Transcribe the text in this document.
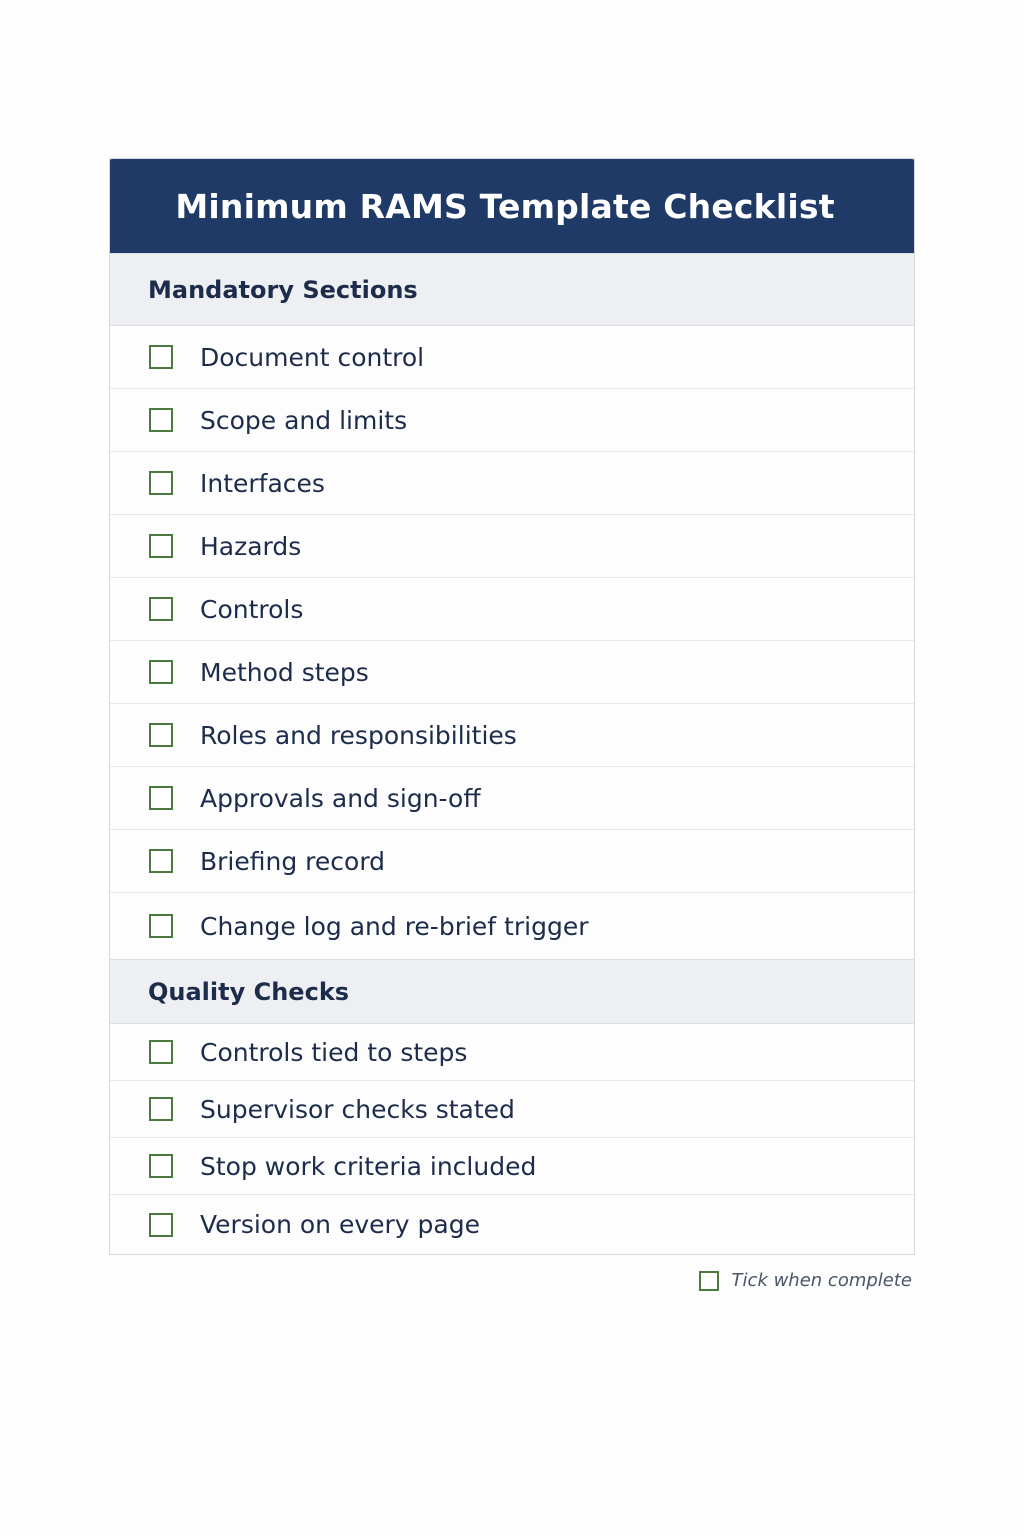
Minimum RAMS Template Checklist
Mandatory Sections
Document control
Scope and limits
Interfaces
Hazards
Controls
Method steps
Roles and responsibilities
Approvals and sign-off
Briefing record
Change log and re-brief trigger
Quality Checks
Controls tied to steps
Supervisor checks stated
Stop work criteria included
Version on every page
Tick when complete
